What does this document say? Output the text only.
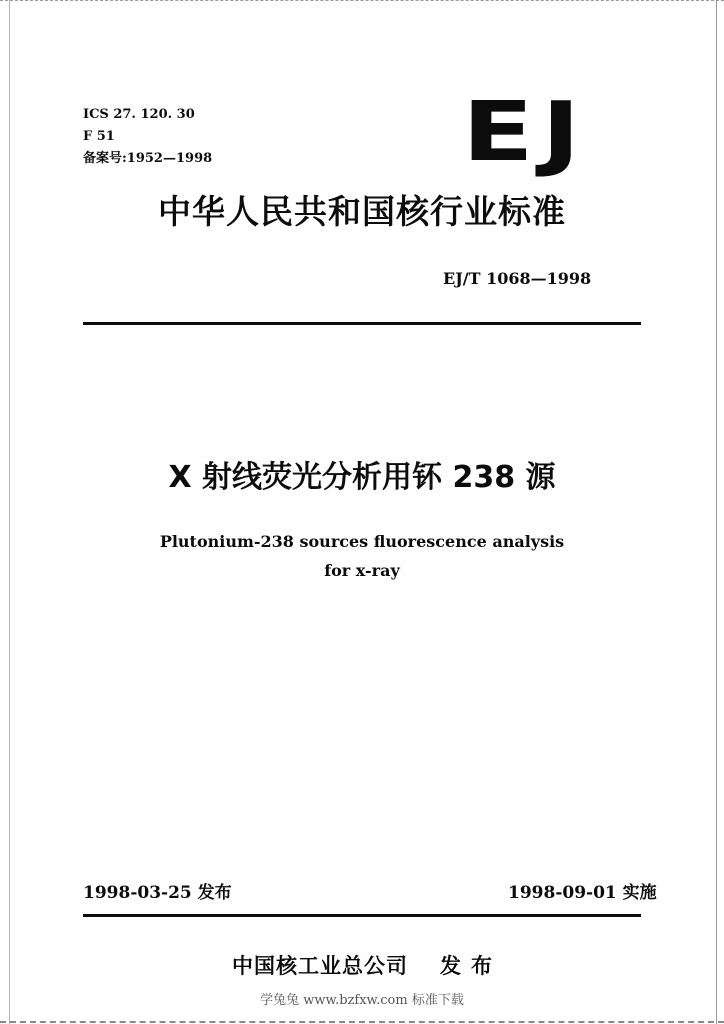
ICS 27. 120. 30
F 51
备案号:1952—1998	EJ
中华人民共和国核行业标准
EJ/T 1068—1998
X 射线荧光分析用钚 238 源
Plutonium-238 sources fluorescence analysis
for x-ray
1998-03-25 发布	1998-09-01 实施
中国核工业总公司 发布
学兔兔 www.bzfxw.com 标准下载
